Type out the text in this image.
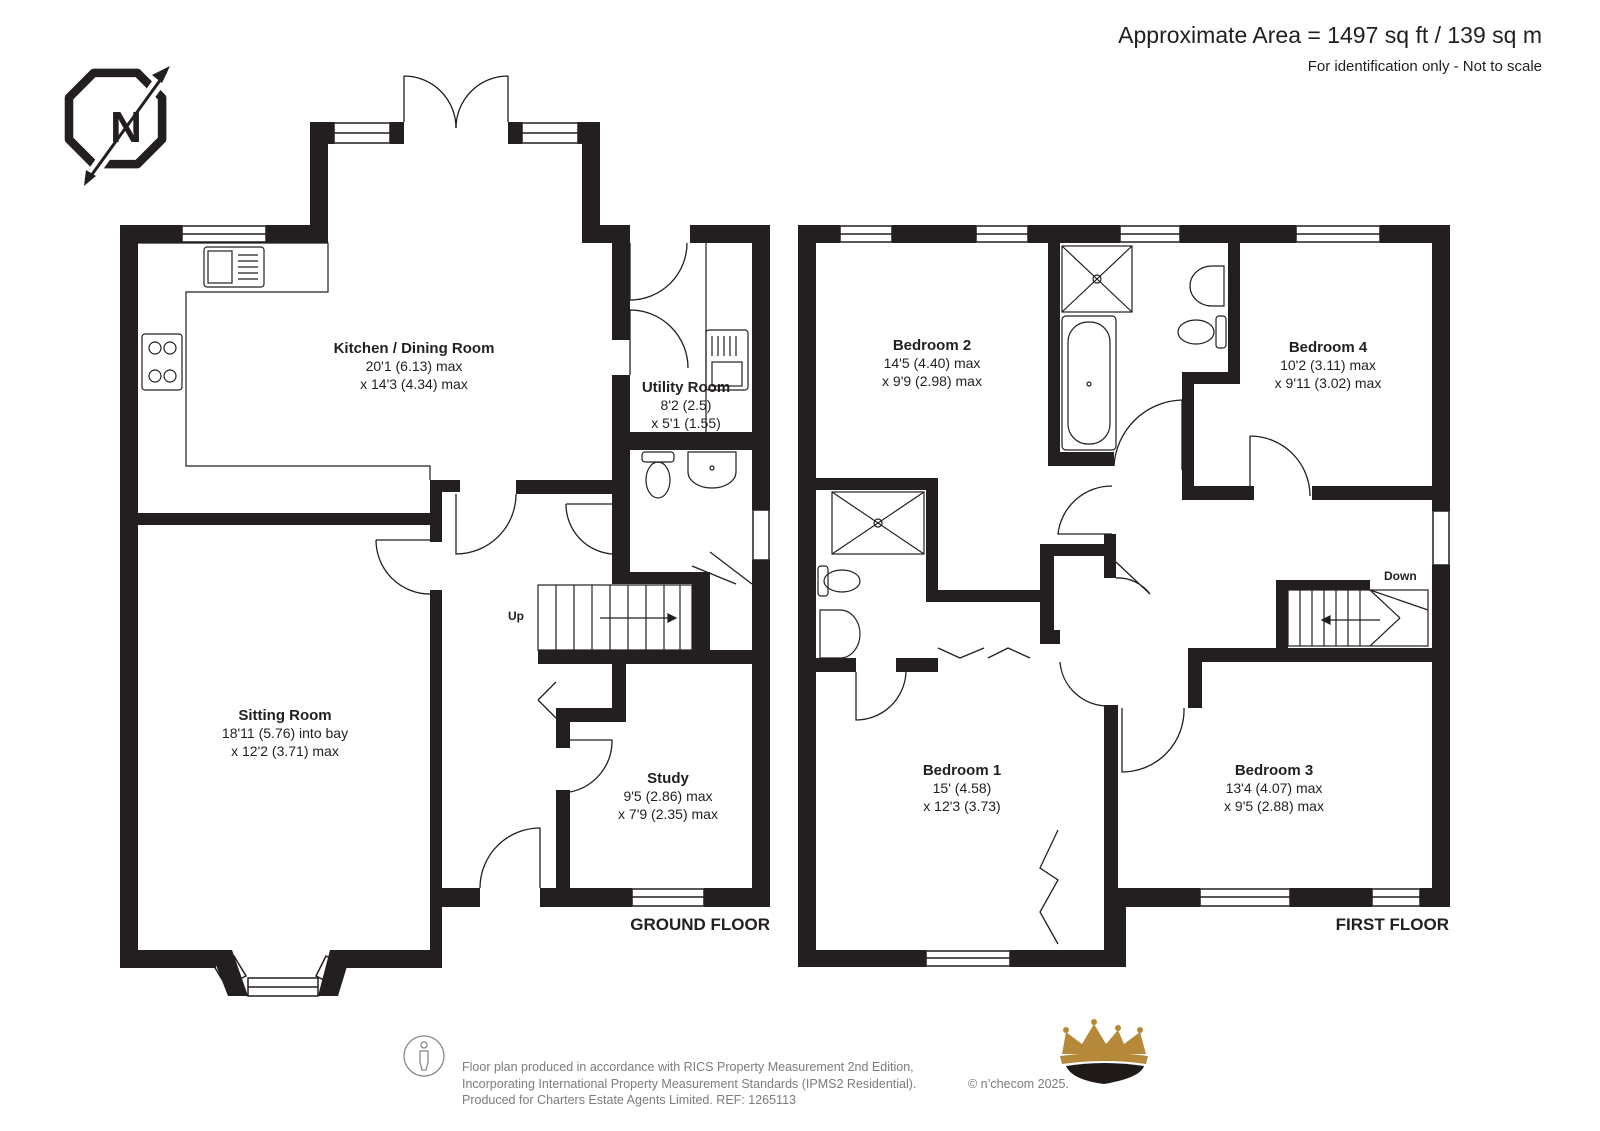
Approximate Area = 1497 sq ft / 139 sq m
For identification only - Not to scale
N
Up
Down
Kitchen / Dining Room
20'1 (6.13) max
x 14'3 (4.34) max	Utility Room
8'2 (2.5)
x 5'1 (1.55)
Sitting Room
18'11 (5.76) into bay
x 12'2 (3.71) max
Study
9'5 (2.86) max
x 7'9 (2.35) max
Bedroom 2
14'5 (4.40) max
x 9'9 (2.98) max
Bedroom 4
10'2 (3.11) max
x 9'11 (3.02) max
Bedroom 1
15' (4.58)
x 12'3 (3.73)
Bedroom 3
13'4 (4.07) max
x 9'5 (2.88) max
GROUND FLOOR	FIRST FLOOR
Floor plan produced in accordance with RICS Property Measurement 2nd Edition,
Incorporating International Property Measurement Standards (IPMS2 Residential).
Produced for Charters Estate Agents Limited. REF: 1265113
© n’checom 2025.
